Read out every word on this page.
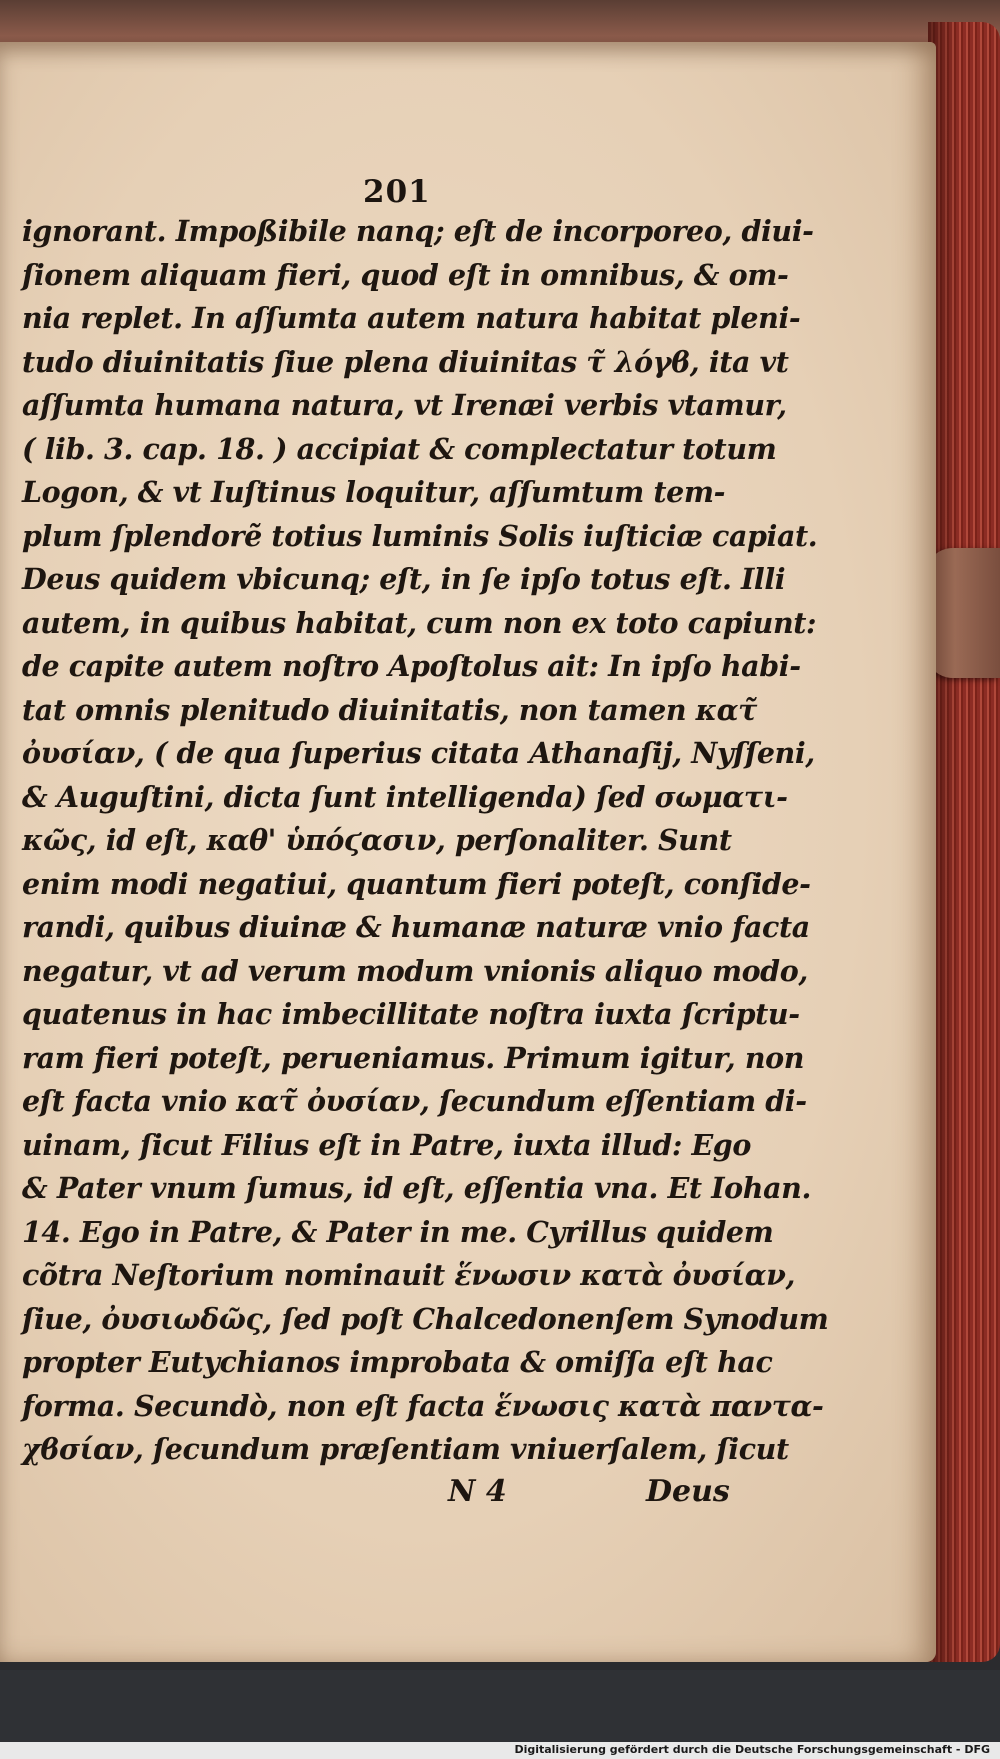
201
ignorant. Impoßibile nanq; eſt de incorporeo, diui-
ſionem aliquam fieri, quod eſt in omnibus, & om-
nia replet. In aſſumta autem natura habitat pleni-
tudo diuinitatis ſiue plena diuinitas τ̃ λόγϐ, ita vt
aſſumta humana natura, vt Irenæi verbis vtamur,
( lib. 3. cap. 18. ) accipiat & complectatur totum
Logon, & vt Iuſtinus loquitur, aſſumtum tem-
plum ſplendorẽ totius luminis Solis iuſticiæ capiat.
Deus quidem vbicunq; eſt, in ſe ipſo totus eſt. Illi
autem, in quibus habitat, cum non ex toto capiunt:
de capite autem noſtro Apoſtolus ait: In ipſo habi-
tat omnis plenitudo diuinitatis, non tamen κατ̃
ὀυσίαν, ( de qua ſuperius citata Athanaſij, Nyſſeni,
& Auguſtini, dicta ſunt intelligenda) ſed σωματι-
κῶς, id eſt, καθ' ὑπόϛασιν, perſonaliter. Sunt
enim modi negatiui, quantum fieri poteſt, conſide-
randi, quibus diuinæ & humanæ naturæ vnio facta
negatur, vt ad verum modum vnionis aliquo modo,
quatenus in hac imbecillitate noſtra iuxta ſcriptu-
ram fieri poteſt, perueniamus. Primum igitur, non
eſt facta vnio κατ̃ ὀυσίαν, ſecundum eſſentiam di-
uinam, ſicut Filius eſt in Patre, iuxta illud: Ego
& Pater vnum ſumus, id eſt, eſſentia vna. Et Iohan.
14. Ego in Patre, & Pater in me. Cyrillus quidem
cõtra Neſtorium nominauit ἕνωσιν κατὰ ὀυσίαν,
ſiue, ὀυσιωδῶς, ſed poſt Chalcedonenſem Synodum
propter Eutychianos improbata & omiſſa eſt hac
forma. Secundò, non eſt facta ἕνωσις κατὰ παντα-
χϐσίαν, ſecundum præſentiam vniuerſalem, ſicut
N 4	Deus
Digitalisierung gefördert durch die Deutsche Forschungsgemeinschaft - DFG
